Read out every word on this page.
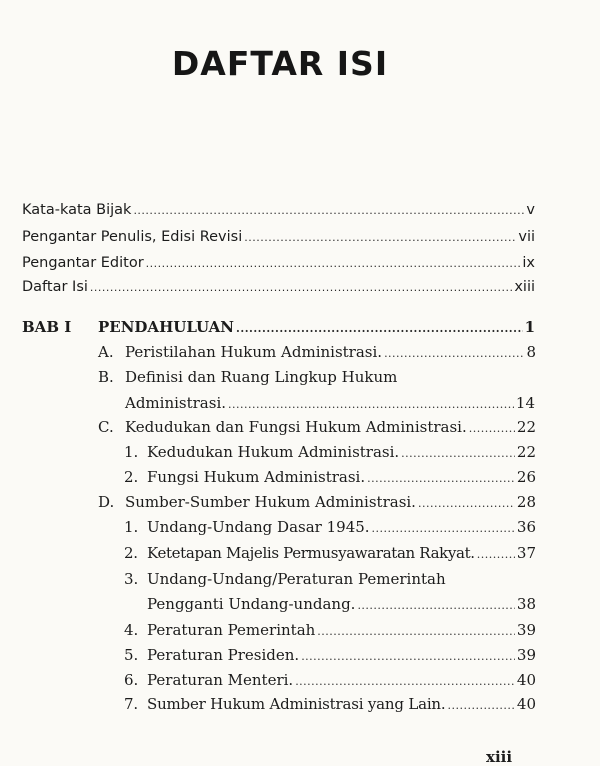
DAFTAR ISI
Kata-kata Bijak .....	v
Pengantar Penulis, Edisi Revisi .....	vii
Pengantar Editor .....	ix
Daftar Isi .....	xiii
BAB I PENDAHULUAN .....	1
A. Peristilahan Hukum Administrasi. .....	8
B. Definisi dan Ruang Lingkup Hukum
Administrasi. .....	14
C. Kedudukan dan Fungsi Hukum Administrasi. .....	22
1. Kedudukan Hukum Administrasi. .....	22
2. Fungsi Hukum Administrasi. .....	26
D. Sumber-Sumber Hukum Administrasi. .....	28
1. Undang-Undang Dasar 1945. .....	36
2. Ketetapan Majelis Permusyawaratan Rakyat. .....	37
3. Undang-Undang/Peraturan Pemerintah
Pengganti Undang-undang. .....	38
4. Peraturan Pemerintah .....	39
5. Peraturan Presiden. .....	39
6. Peraturan Menteri. .....	40
7. Sumber Hukum Administrasi yang Lain. .....	40
xiii
